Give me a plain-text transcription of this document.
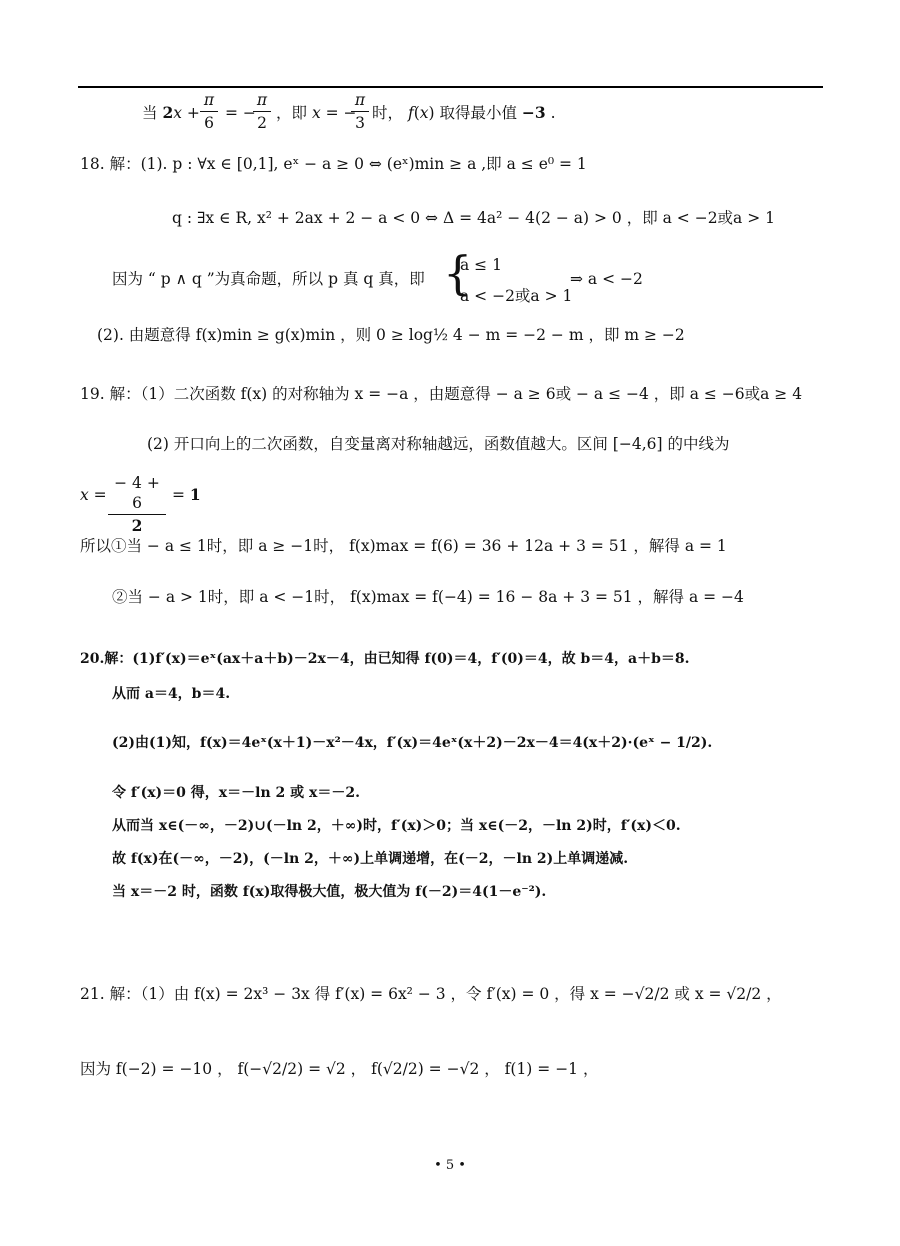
当 2x +
π
6
= −
π
2
，即 x = −
π
3
时， f(x) 取得最小值 −3 .
18. 解：(1). p : ∀x ∈ [0,1], eˣ − a ≥ 0 ⇔ (eˣ)min ≥ a ,即 a ≤ e⁰ = 1
q : ∃x ∈ R, x² + 2ax + 2 − a < 0 ⇔ Δ = 4a² − 4(2 − a) > 0 ，即 a < −2或a > 1
因为 “ p ∧ q ”为真命题，所以 p 真 q 真，即 {
a ≤ 1
a < −2或a > 1
⇒ a < −2
(2). 由题意得 f(x)min ≥ g(x)min ，则 0 ≥ log½ 4 − m = −2 − m ，即 m ≥ −2
19. 解：（1）二次函数 f(x) 的对称轴为 x = −a ，由题意得 − a ≥ 6或 − a ≤ −4 ，即 a ≤ −6或a ≥ 4
(2) 开口向上的二次函数，自变量离对称轴越远，函数值越大。区间 [−4,6] 的中线为
x =
− 4 + 6
2
= 1
所以①当 − a ≤ 1时，即 a ≥ −1时， f(x)max = f(6) = 36 + 12a + 3 = 51 ，解得 a = 1
②当 − a > 1时，即 a < −1时， f(x)max = f(−4) = 16 − 8a + 3 = 51 ，解得 a = −4
20.解：(1)f′(x)＝eˣ(ax＋a＋b)－2x－4，由已知得 f(0)＝4，f′(0)＝4，故 b＝4，a＋b＝8.
从而 a＝4，b＝4.
(2)由(1)知，f(x)＝4eˣ(x＋1)－x²－4x，f′(x)＝4eˣ(x＋2)－2x－4＝4(x＋2)·(eˣ − 1/2).
令 f′(x)＝0 得，x＝－ln 2 或 x＝－2.
从而当 x∈(－∞，－2)∪(－ln 2，＋∞)时，f′(x)＞0；当 x∈(－2，－ln 2)时，f′(x)＜0.
故 f(x)在(－∞，－2)，(－ln 2，＋∞)上单调递增，在(－2，－ln 2)上单调递减.
当 x＝－2 时，函数 f(x)取得极大值，极大值为 f(－2)＝4(1－e⁻²).
21. 解：（1）由 f(x) = 2x³ − 3x 得 f′(x) = 6x² − 3 ，令 f′(x) = 0 ，得 x = −√2/2 或 x = √2/2 ，
因为 f(−2) = −10 ， f(−√2/2) = √2 ， f(√2/2) = −√2 ， f(1) = −1 ，
• 5 •
